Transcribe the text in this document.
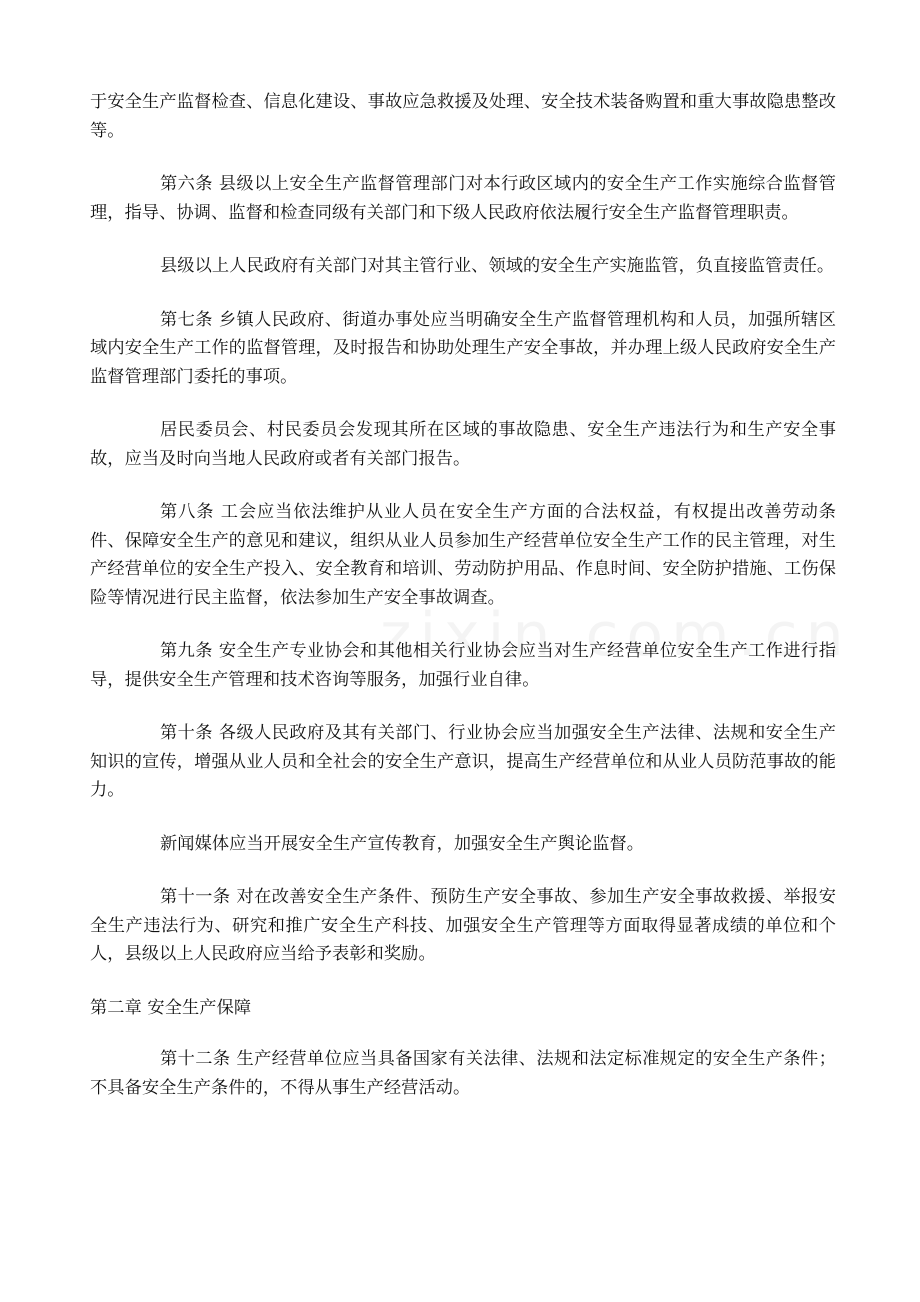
于安全生产监督检查、信息化建设、事故应急救援及处理、安全技术装备购置和重大事故隐患整改等。

第六条 县级以上安全生产监督管理部门对本行政区域内的安全生产工作实施综合监督管理，指导、协调、监督和检查同级有关部门和下级人民政府依法履行安全生产监督管理职责。

县级以上人民政府有关部门对其主管行业、领域的安全生产实施监管，负直接监管责任。

第七条 乡镇人民政府、街道办事处应当明确安全生产监督管理机构和人员，加强所辖区域内安全生产工作的监督管理，及时报告和协助处理生产安全事故，并办理上级人民政府安全生产监督管理部门委托的事项。

居民委员会、村民委员会发现其所在区域的事故隐患、安全生产违法行为和生产安全事故，应当及时向当地人民政府或者有关部门报告。

第八条 工会应当依法维护从业人员在安全生产方面的合法权益，有权提出改善劳动条件、保障安全生产的意见和建议，组织从业人员参加生产经营单位安全生产工作的民主管理，对生产经营单位的安全生产投入、安全教育和培训、劳动防护用品、作息时间、安全防护措施、工伤保险等情况进行民主监督，依法参加生产安全事故调查。

第九条 安全生产专业协会和其他相关行业协会应当对生产经营单位安全生产工作进行指导，提供安全生产管理和技术咨询等服务，加强行业自律。

第十条 各级人民政府及其有关部门、行业协会应当加强安全生产法律、法规和安全生产知识的宣传，增强从业人员和全社会的安全生产意识，提高生产经营单位和从业人员防范事故的能力。

新闻媒体应当开展安全生产宣传教育，加强安全生产舆论监督。

第十一条 对在改善安全生产条件、预防生产安全事故、参加生产安全事故救援、举报安全生产违法行为、研究和推广安全生产科技、加强安全生产管理等方面取得显著成绩的单位和个人，县级以上人民政府应当给予表彰和奖励。

第二章 安全生产保障

第十二条 生产经营单位应当具备国家有关法律、法规和法定标准规定的安全生产条件；不具备安全生产条件的，不得从事生产经营活动。
